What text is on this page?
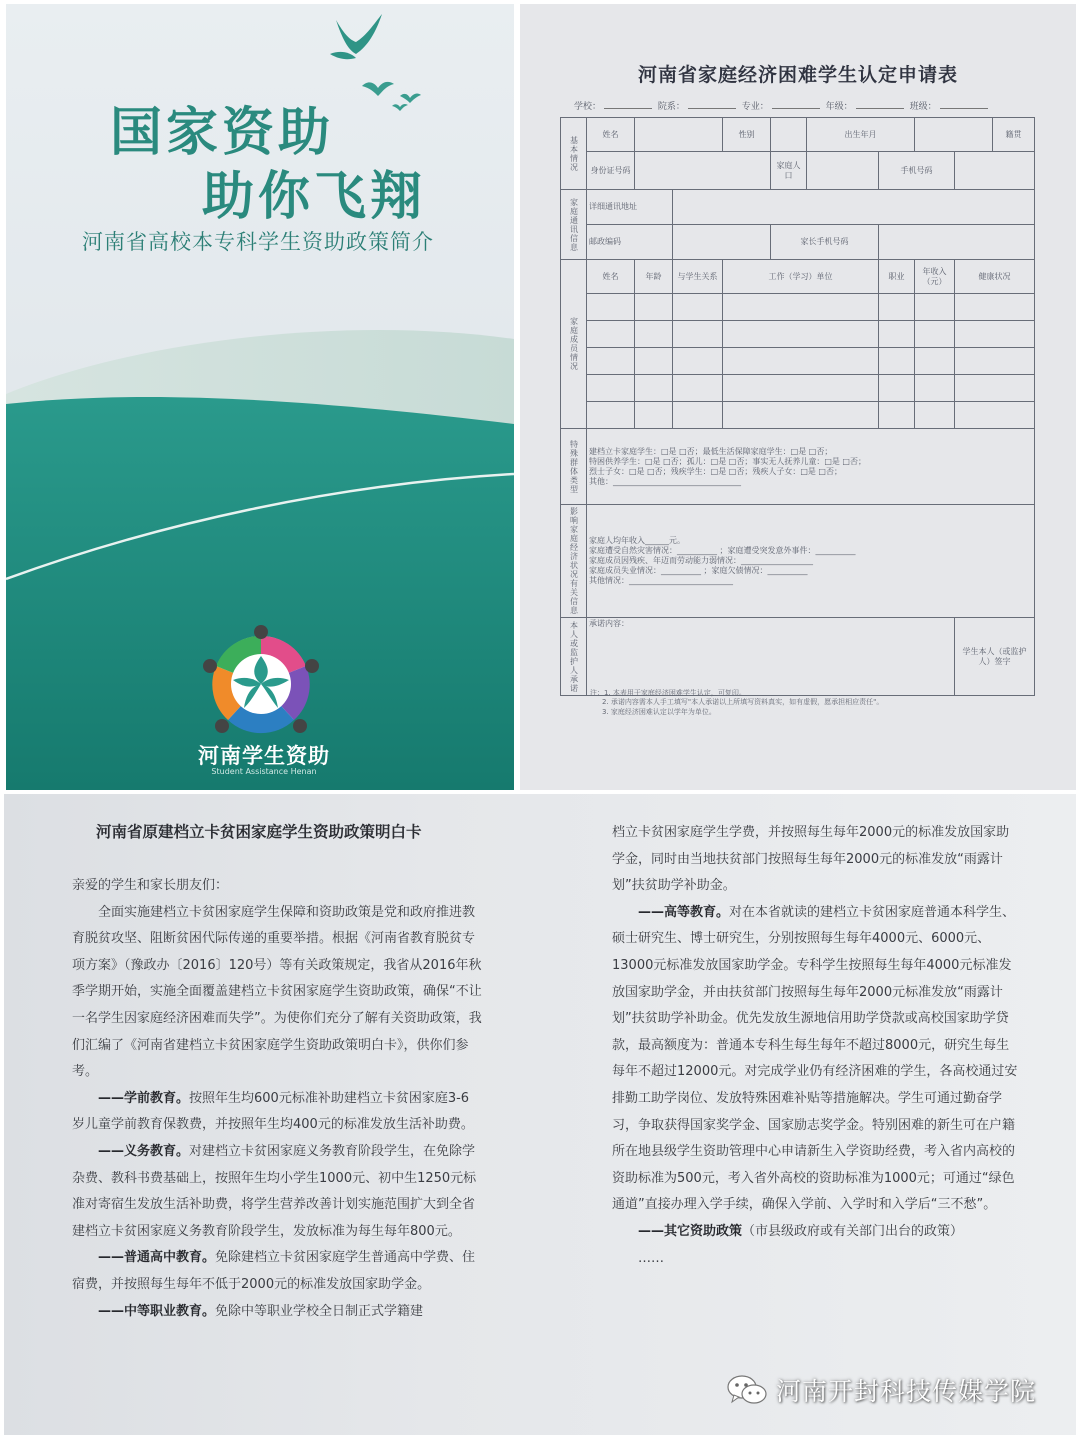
国家资助
助你飞翔
河南省高校本专科学生资助政策简介
河南学生资助
Student Assistance Henan
河南省家庭经济困难学生认定申请表
学校：	院系：	专业：	年级：	班级：
基本情况	姓名			性别		出生年月				籍贯
	身份证号码				家庭人口		手机号码			
家庭通讯信息	详细通讯地址									
	邮政编码				家长手机号码					
家庭成员情况	姓名	年龄	与学生关系	工作（学习）单位			职业	年收入（元）	健康状况	

特殊群体类型	建档立卡家庭学生：□是 □否；最低生活保障家庭学生：□是 □否；
特困供养学生：□是 □否；孤儿：□是 □否；事实无人抚养儿童：□是 □否；
烈士子女：□是 □否；残疾学生：□是 □否；残疾人子女：□是 □否；
其他：________________________________									

影响家庭经济状况有关信息	家庭人均年收入______元。
家庭遭受自然灾害情况：__________ ；家庭遭受突发意外事件：__________
家庭成员因残疾、年迈而劳动能力弱情况：__________________
家庭成员失业情况：__________ ；家庭欠债情况：__________
其他情况：__________________________									

本人或监护人承诺	承诺内容：								学生本人（或监护人）签字	
注：1. 本表用于家庭经济困难学生认定，可复印。
2. 承诺内容需本人手工填写"本人承诺以上所填写资料真实，如有虚假，愿承担相应责任"。
3. 家庭经济困难认定以学年为单位。
河南省原建档立卡贫困家庭学生资助政策明白卡

亲爱的学生和家长朋友们：

全面实施建档立卡贫困家庭学生保障和资助政策是党和政府推进教育脱贫攻坚、阻断贫困代际传递的重要举措。根据《河南省教育脱贫专项方案》（豫政办〔2016〕120号）等有关政策规定，我省从2016年秋季学期开始，实施全面覆盖建档立卡贫困家庭学生资助政策，确保“不让一名学生因家庭经济困难而失学”。为使你们充分了解有关资助政策，我们汇编了《河南省建档立卡贫困家庭学生资助政策明白卡》，供你们参考。

——学前教育。按照年生均600元标准补助建档立卡贫困家庭3-6岁儿童学前教育保教费，并按照年生均400元的标准发放生活补助费。

——义务教育。对建档立卡贫困家庭义务教育阶段学生，在免除学杂费、教科书费基础上，按照年生均小学生1000元、初中生1250元标准对寄宿生发放生活补助费，将学生营养改善计划实施范围扩大到全省建档立卡贫困家庭义务教育阶段学生，发放标准为每生每年800元。

——普通高中教育。免除建档立卡贫困家庭学生普通高中学费、住宿费，并按照每生每年不低于2000元的标准发放国家助学金。

——中等职业教育。免除中等职业学校全日制正式学籍建

档立卡贫困家庭学生学费，并按照每生每年2000元的标准发放国家助学金，同时由当地扶贫部门按照每生每年2000元的标准发放“雨露计划”扶贫助学补助金。

——高等教育。对在本省就读的建档立卡贫困家庭普通本科学生、硕士研究生、博士研究生，分别按照每生每年4000元、6000元、13000元标准发放国家助学金。专科学生按照每生每年4000元标准发放国家助学金，并由扶贫部门按照每生每年2000元标准发放“雨露计划”扶贫助学补助金。优先发放生源地信用助学贷款或高校国家助学贷款，最高额度为：普通本专科生每生每年不超过8000元，研究生每生每年不超过12000元。对完成学业仍有经济困难的学生，各高校通过安排勤工助学岗位、发放特殊困难补贴等措施解决。学生可通过勤奋学习，争取获得国家奖学金、国家励志奖学金。特别困难的新生可在户籍所在地县级学生资助管理中心申请新生入学资助经费，考入省内高校的资助标准为500元，考入省外高校的资助标准为1000元；可通过“绿色通道”直接办理入学手续，确保入学前、入学时和入学后“三不愁”。

——其它资助政策（市县级政府或有关部门出台的政策）

……

河南开封科技传媒学院
